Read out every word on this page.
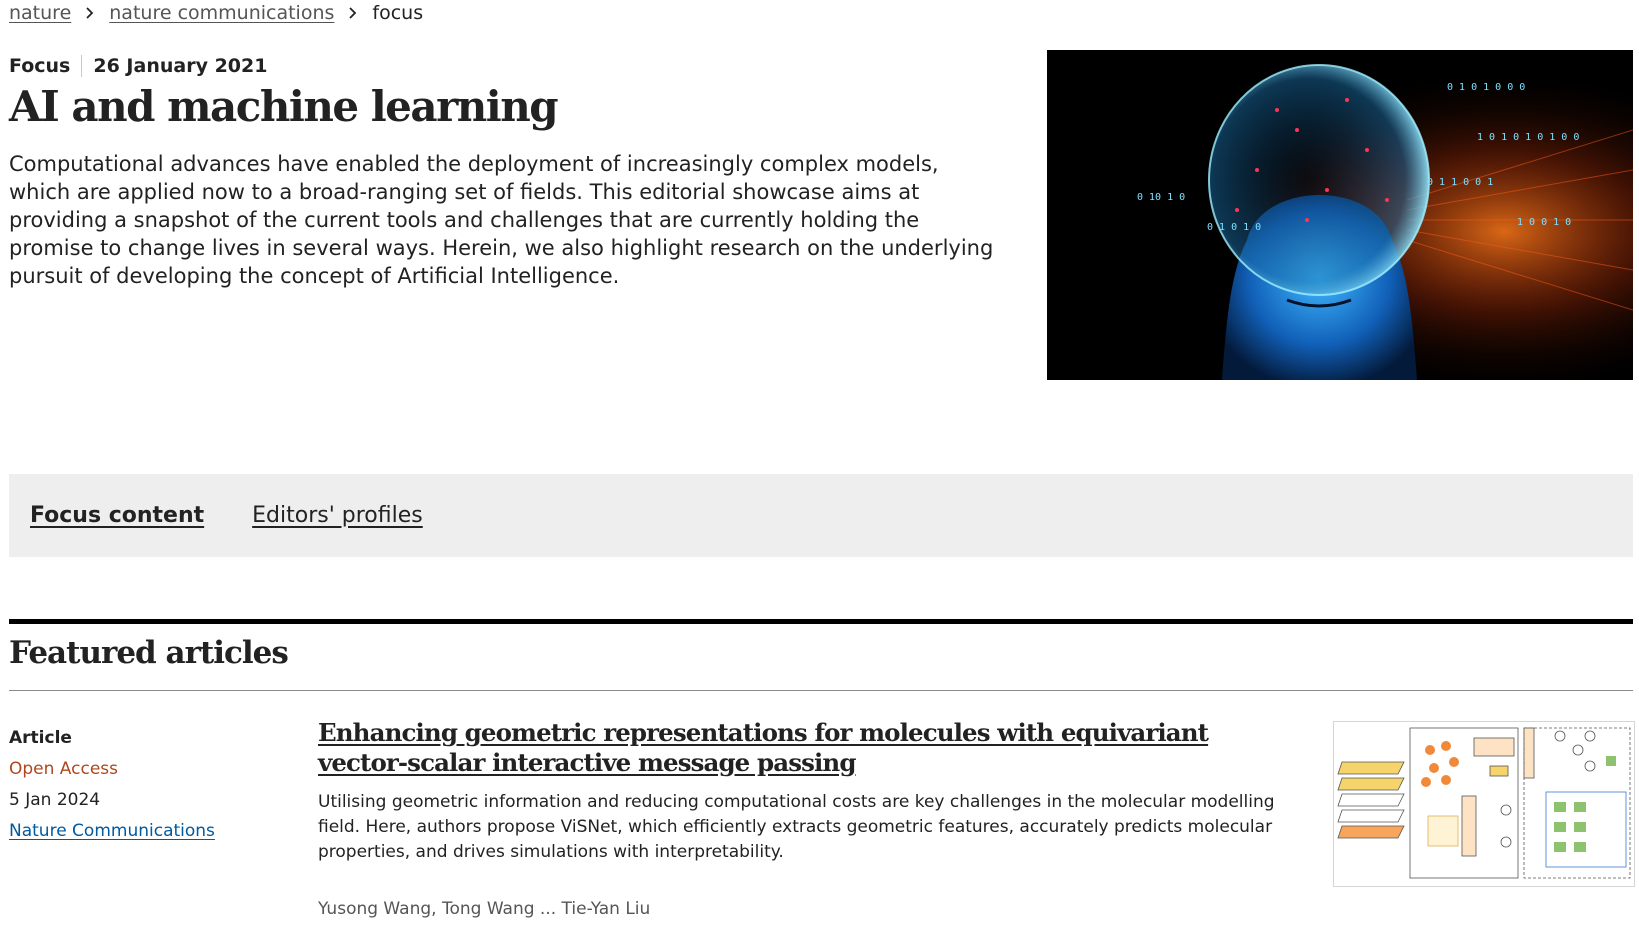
nature nature communications focus
Focus	26 January 2021
AI and machine learning

Computational advances have enabled the deployment of increasingly complex models, which are applied now to a broad-ranging set of fields. This editorial showcase aims at providing a snapshot of the current tools and challenges that are currently holding the promise to change lives in several ways. Herein, we also highlight research on the underlying pursuit of developing the concept of Artificial Intelligence.

0 1 0 1 0 0 0
1 0 1 0 1 0 1 0 0
0 1 1 0 0 1
1 0 0 1 0
0 10 1 0
0 1 0 1 0
Focus content Editors' profiles
Featured articles
Article
Open Access
5 Jan 2024
Nature Communications
Enhancing geometric representations for molecules with equivariant vector-scalar interactive message passing

Utilising geometric information and reducing computational costs are key challenges in the molecular modelling field. Here, authors propose ViSNet, which efficiently extracts geometric features, accurately predicts molecular properties, and drives simulations with interpretability.

Yusong Wang, Tong Wang ... Tie-Yan Liu
